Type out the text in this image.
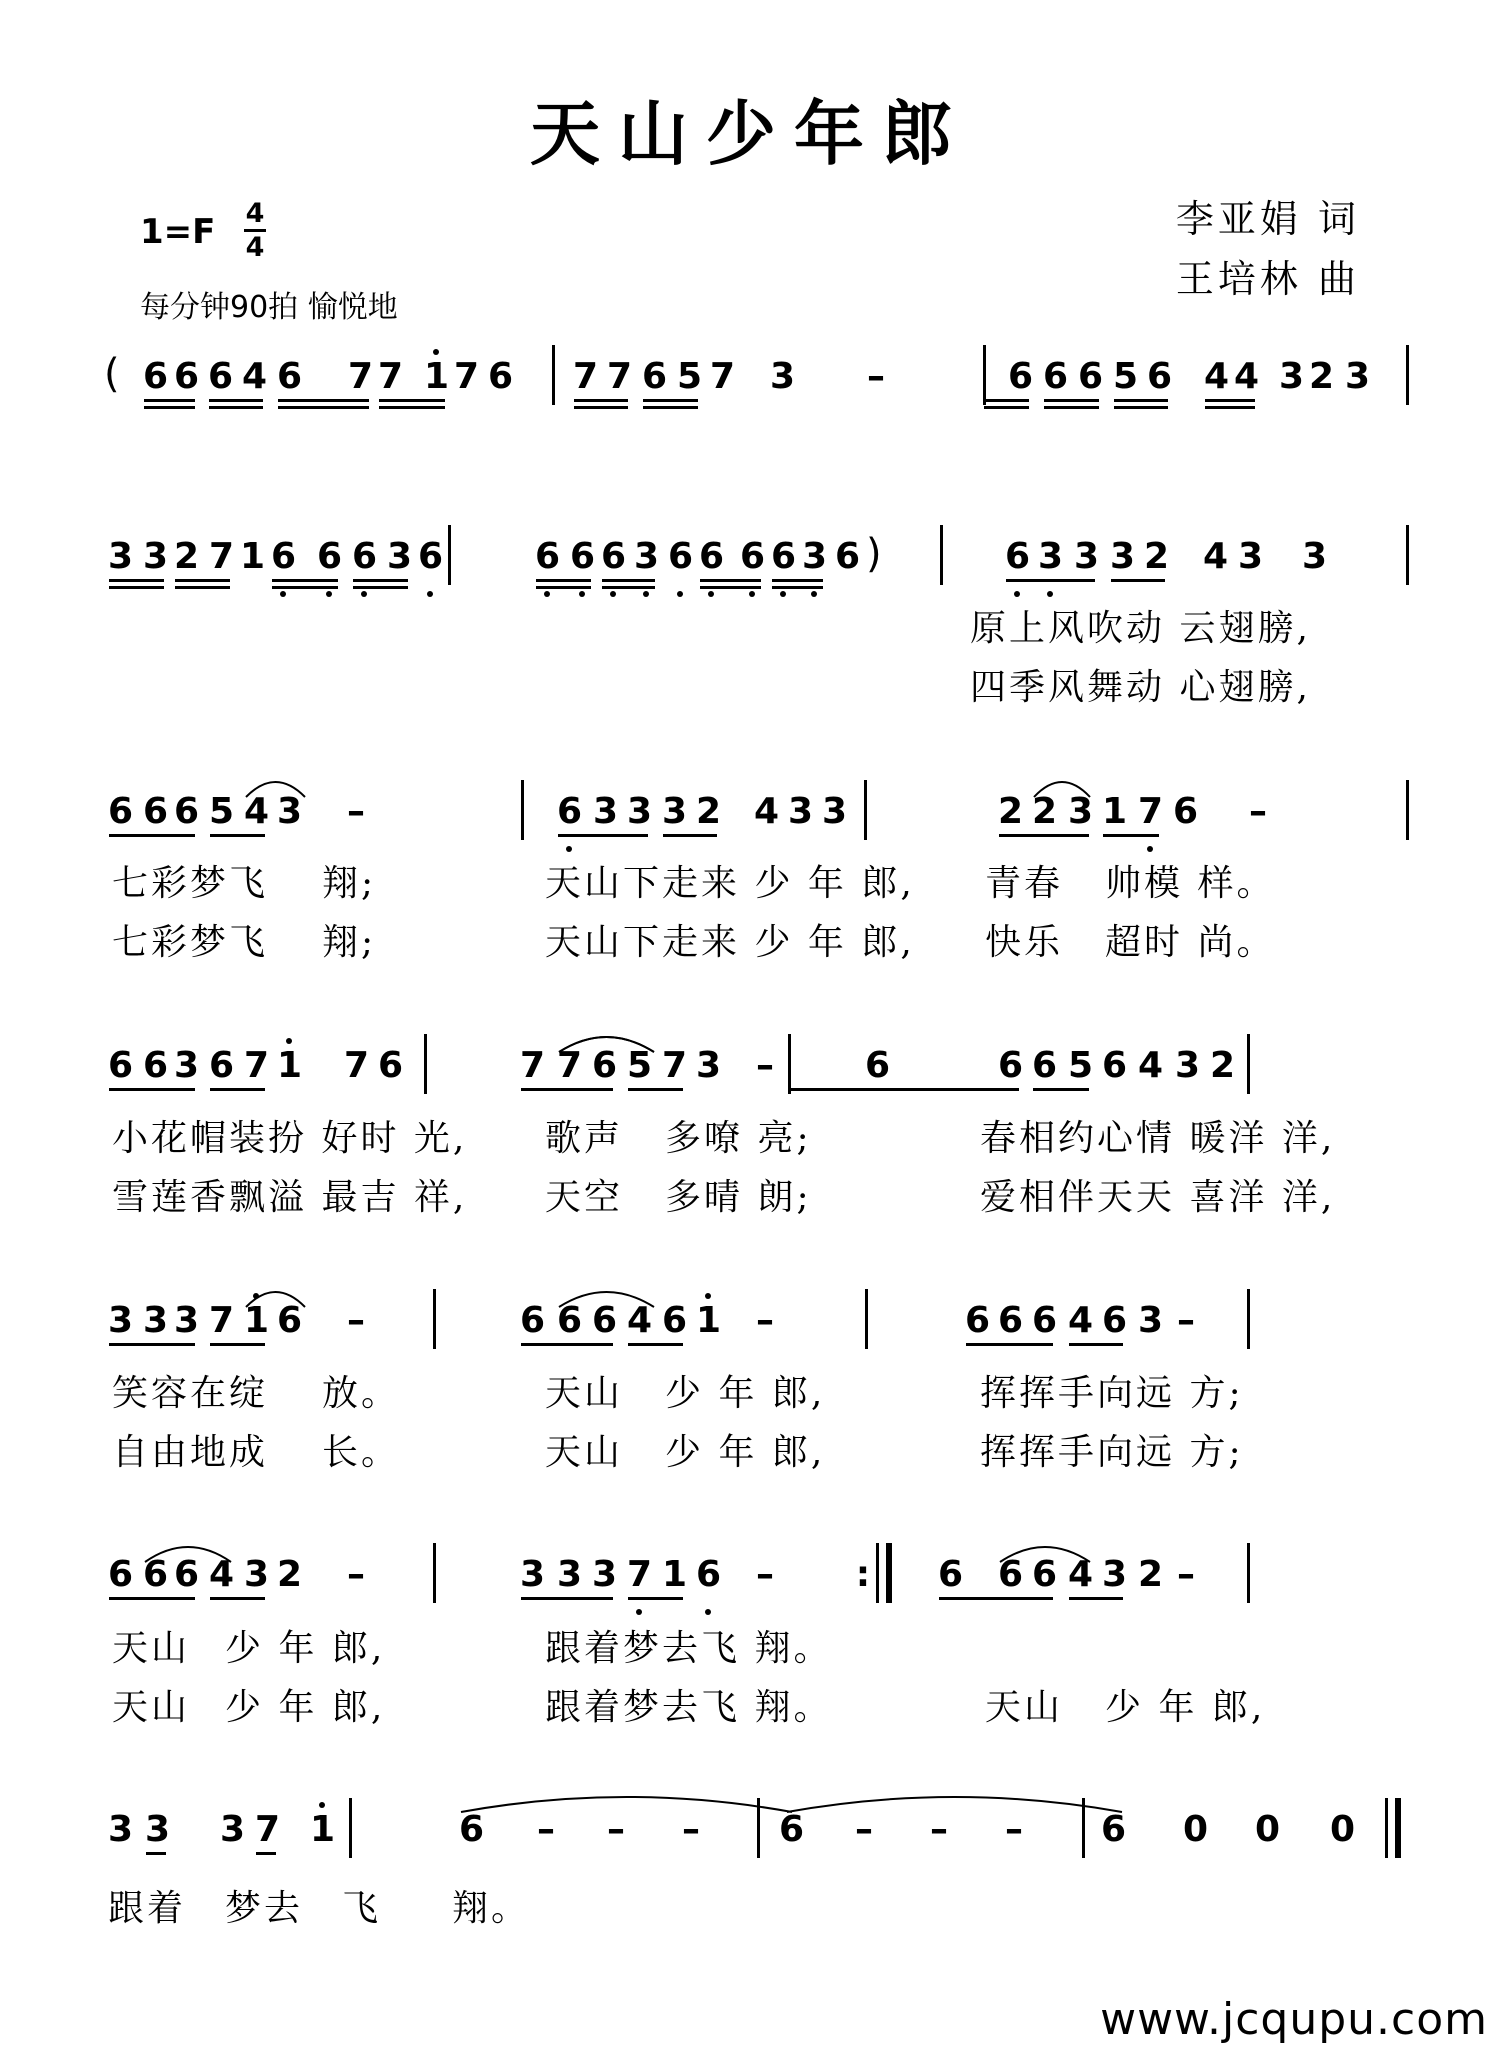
天山少年郎
1=F 4
4
每分钟90拍 愉悦地
李亚娟 词
王培林 曲
( 6 6 6 4 6 7 7 1 7 6 7 7 6 5 7 3 –	6 6 6 5 6 4 4 3 2 3
3 3 2 7 1 6 6 6 3 6	6 6 6 3 6 6 6 6 3 6 )	6 3 3 3 2 4 3 3
6 6 6 5 4 3 –	6 3 3 3 2 4 3 3	2 2 3 1 7 6 –
6 6 3 6 7 1 7 6	7 7 6 5 7 3 –	6	6 6 5 6 4 3 2
3 3 3 7 1 6 –	6 6 6 4 6 1 –	6 6 6 4 6 3 –
6 6 6 4 3 2 –	3 3 3 7 1 6 – : 6 6 6 4 3 2 –
3 3 3 7 1	6 – – – 6 – – – 6 0 0 0
原上风吹动 云翅膀,
四季风舞动 心翅膀,
七彩梦飞 翔;	天山下走来 少 年 郎, 青春 帅模 样。
七彩梦飞 翔;	天山下走来 少 年 郎, 快乐 超时 尚。
小花帽装扮 好时 光, 歌声 多嘹 亮;	春相约心情 暖洋 洋,
雪莲香飘溢 最吉 祥, 天空 多晴 朗;	爱相伴天天 喜洋 洋,
笑容在绽 放。	天山 少 年 郎,	挥挥手向远 方;
自由地成 长。	天山 少 年 郎,	挥挥手向远 方;
天山 少 年 郎,	跟着梦去飞 翔。
天山 少 年 郎,	跟着梦去飞 翔。	天山 少 年 郎,
跟着 梦去 飞 翔。
www.jcqupu.com
